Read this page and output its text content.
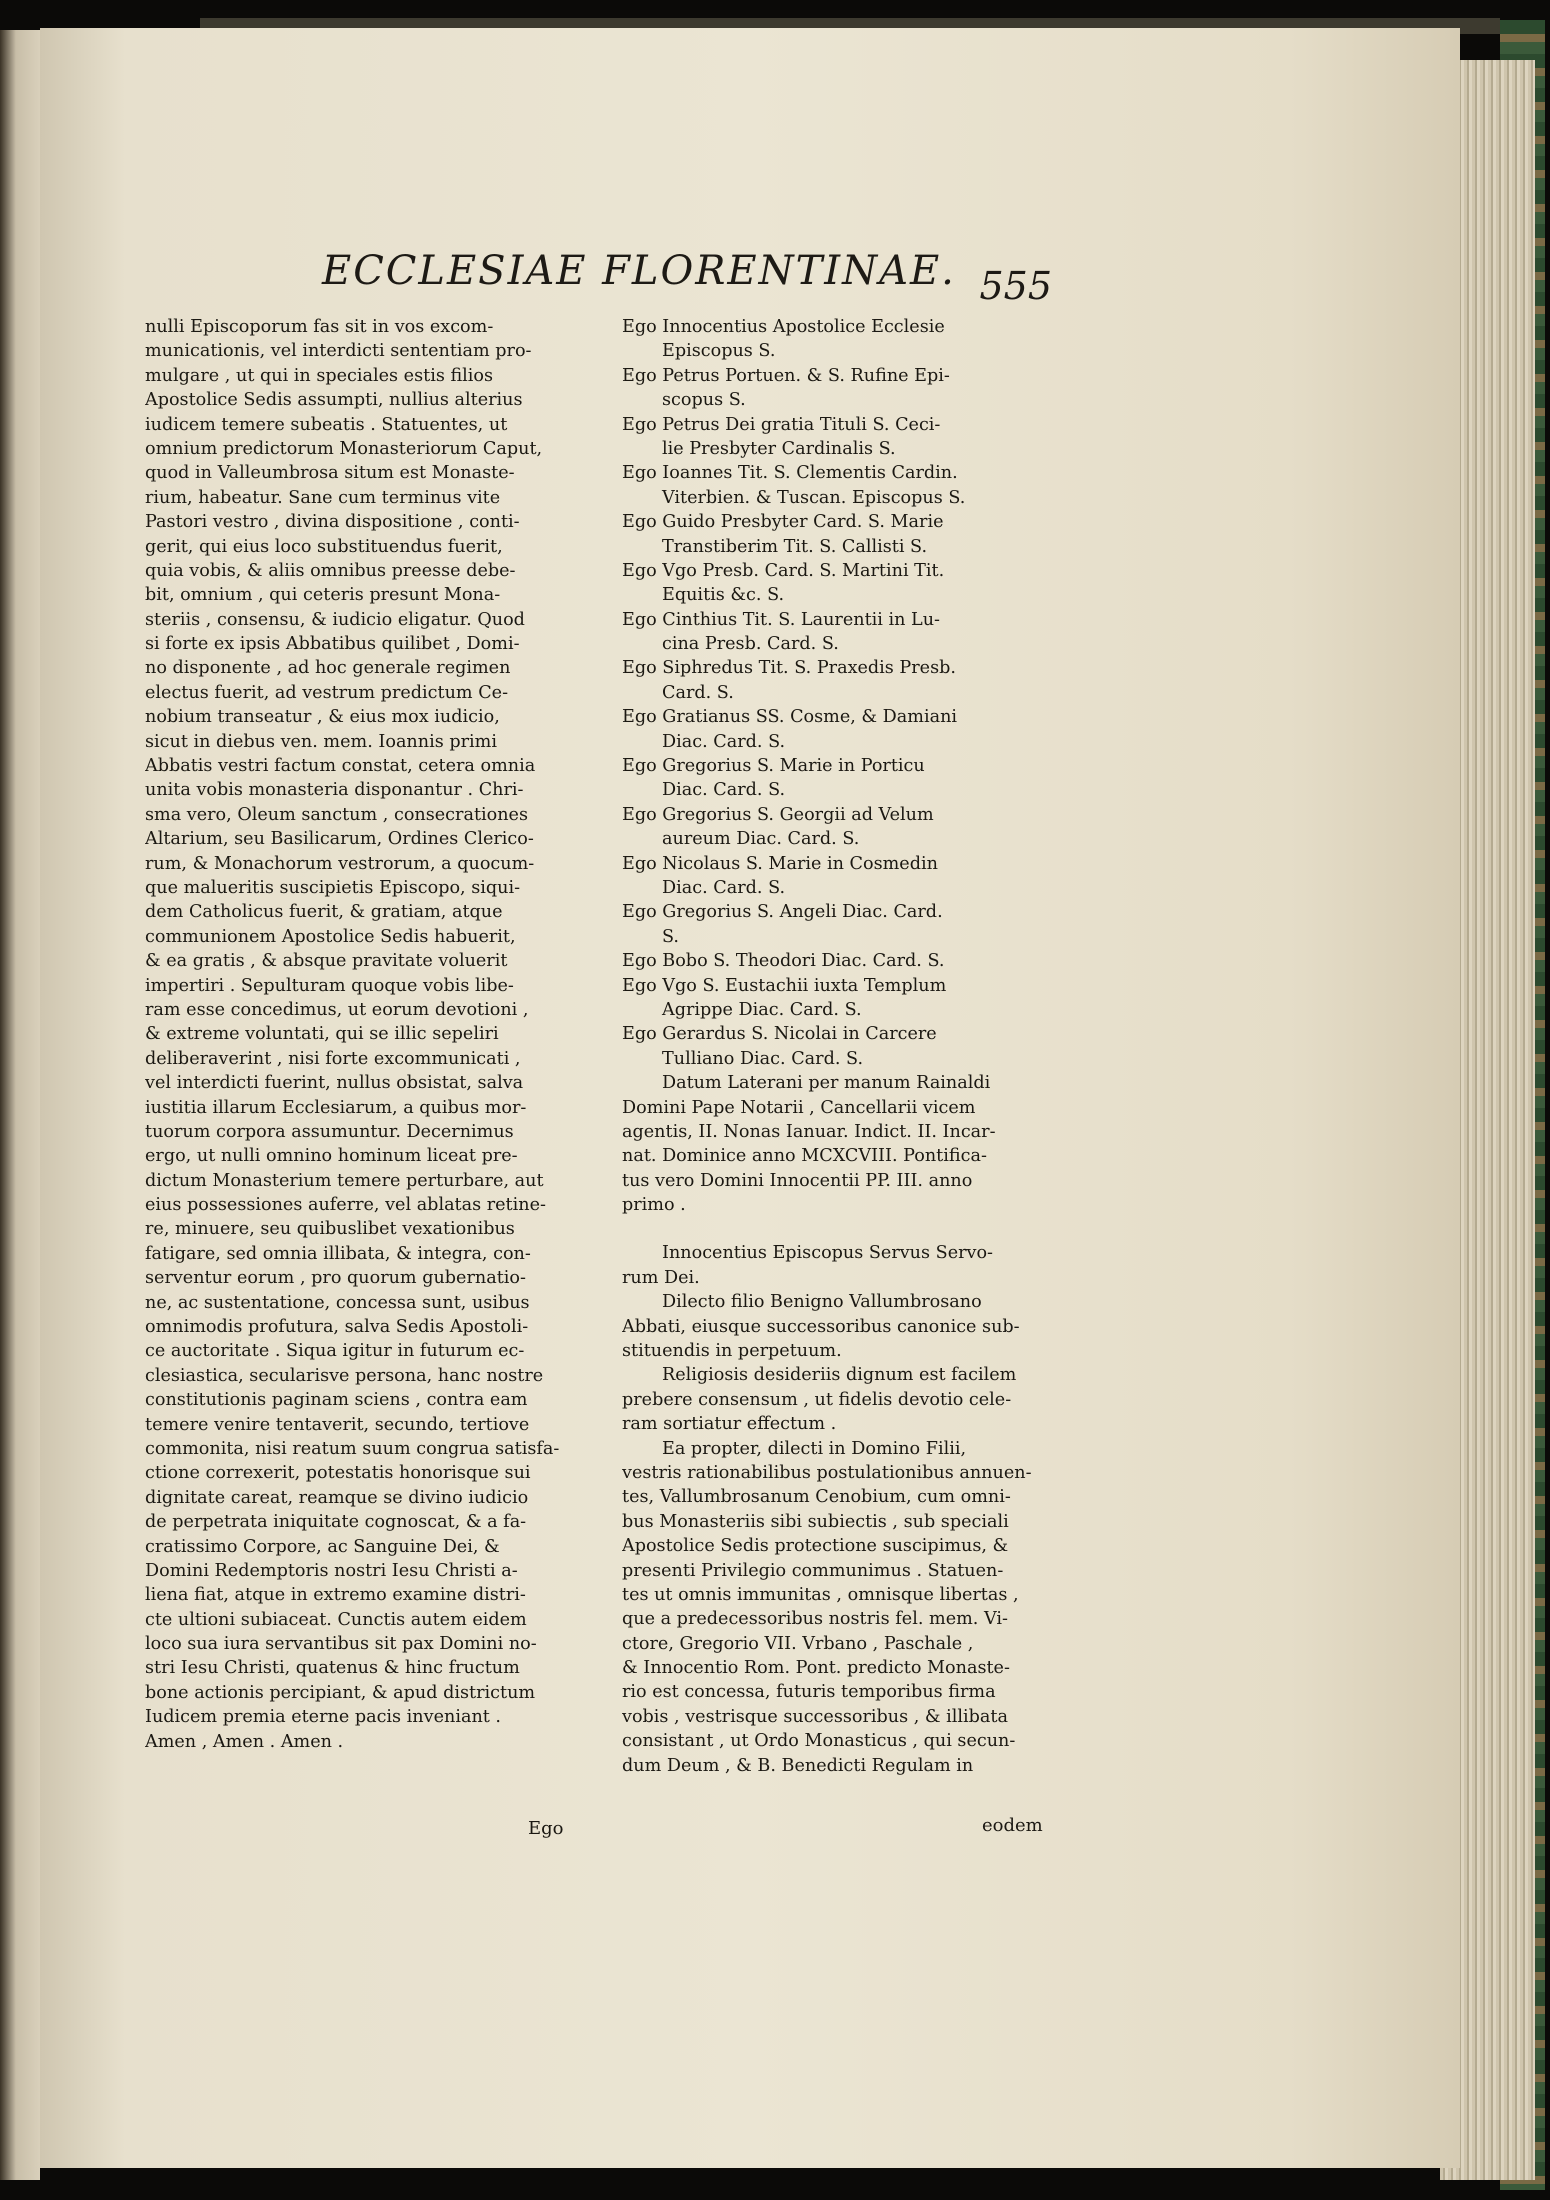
ECCLESIAE FLORENTINAE. 555
nulli Episcoporum fas sit in vos excom-
municationis, vel interdicti sententiam pro-
mulgare , ut qui in speciales estis filios
Apostolice Sedis assumpti, nullius alterius
iudicem temere subeatis . Statuentes, ut
omnium predictorum Monasteriorum Caput,
quod in Valleumbrosa situm est Monaste-
rium, habeatur. Sane cum terminus vite
Pastori vestro , divina dispositione , conti-
gerit, qui eius loco substituendus fuerit,
quia vobis, & aliis omnibus preesse debe-
bit, omnium , qui ceteris presunt Mona-
steriis , consensu, & iudicio eligatur. Quod
si forte ex ipsis Abbatibus quilibet , Domi-
no disponente , ad hoc generale regimen
electus fuerit, ad vestrum predictum Ce-
nobium transeatur , & eius mox iudicio,
sicut in diebus ven. mem. Ioannis primi
Abbatis vestri factum constat, cetera omnia
unita vobis monasteria disponantur . Chri-
sma vero, Oleum sanctum , consecrationes
Altarium, seu Basilicarum, Ordines Clerico-
rum, & Monachorum vestrorum, a quocum-
que malueritis suscipietis Episcopo, siqui-
dem Catholicus fuerit, & gratiam, atque
communionem Apostolice Sedis habuerit,
& ea gratis , & absque pravitate voluerit
impertiri . Sepulturam quoque vobis libe-
ram esse concedimus, ut eorum devotioni ,
& extreme voluntati, qui se illic sepeliri
deliberaverint , nisi forte excommunicati ,
vel interdicti fuerint, nullus obsistat, salva
iustitia illarum Ecclesiarum, a quibus mor-
tuorum corpora assumuntur. Decernimus
ergo, ut nulli omnino hominum liceat pre-
dictum Monasterium temere perturbare, aut
eius possessiones auferre, vel ablatas retine-
re, minuere, seu quibuslibet vexationibus
fatigare, sed omnia illibata, & integra, con-
serventur eorum , pro quorum gubernatio-
ne, ac sustentatione, concessa sunt, usibus
omnimodis profutura, salva Sedis Apostoli-
ce auctoritate . Siqua igitur in futurum ec-
clesiastica, secularisve persona, hanc nostre
constitutionis paginam sciens , contra eam
temere venire tentaverit, secundo, tertiove
commonita, nisi reatum suum congrua satisfa-
ctione correxerit, potestatis honorisque sui
dignitate careat, reamque se divino iudicio
de perpetrata iniquitate cognoscat, & a fa-
cratissimo Corpore, ac Sanguine Dei, &
Domini Redemptoris nostri Iesu Christi a-
liena fiat, atque in extremo examine distri-
cte ultioni subiaceat. Cunctis autem eidem
loco sua iura servantibus sit pax Domini no-
stri Iesu Christi, quatenus & hinc fructum
bone actionis percipiant, & apud districtum
Iudicem premia eterne pacis inveniant .
Amen , Amen . Amen .
Ego Innocentius Apostolice Ecclesie
Episcopus S.
Ego Petrus Portuen. & S. Rufine Epi-
scopus S.
Ego Petrus Dei gratia Tituli S. Ceci-
lie Presbyter Cardinalis S.
Ego Ioannes Tit. S. Clementis Cardin.
Viterbien. & Tuscan. Episcopus S.
Ego Guido Presbyter Card. S. Marie
Transtiberim Tit. S. Callisti S.
Ego Vgo Presb. Card. S. Martini Tit.
Equitis &c. S.
Ego Cinthius Tit. S. Laurentii in Lu-
cina Presb. Card. S.
Ego Siphredus Tit. S. Praxedis Presb.
Card. S.
Ego Gratianus SS. Cosme, & Damiani
Diac. Card. S.
Ego Gregorius S. Marie in Porticu
Diac. Card. S.
Ego Gregorius S. Georgii ad Velum
aureum Diac. Card. S.
Ego Nicolaus S. Marie in Cosmedin
Diac. Card. S.
Ego Gregorius S. Angeli Diac. Card.
S.
Ego Bobo S. Theodori Diac. Card. S.
Ego Vgo S. Eustachii iuxta Templum
Agrippe Diac. Card. S.
Ego Gerardus S. Nicolai in Carcere
Tulliano Diac. Card. S.
Datum Laterani per manum Rainaldi
Domini Pape Notarii , Cancellarii vicem
agentis, II. Nonas Ianuar. Indict. II. Incar-
nat. Dominice anno MCXCVIII. Pontifica-
tus vero Domini Innocentii PP. III. anno
primo .
Innocentius Episcopus Servus Servo-
rum Dei.
Dilecto filio Benigno Vallumbrosano
Abbati, eiusque successoribus canonice sub-
stituendis in perpetuum.
Religiosis desideriis dignum est facilem
prebere consensum , ut fidelis devotio cele-
ram sortiatur effectum .
Ea propter, dilecti in Domino Filii,
vestris rationabilibus postulationibus annuen-
tes, Vallumbrosanum Cenobium, cum omni-
bus Monasteriis sibi subiectis , sub speciali
Apostolice Sedis protectione suscipimus, &
presenti Privilegio communimus . Statuen-
tes ut omnis immunitas , omnisque libertas ,
que a predecessoribus nostris fel. mem. Vi-
ctore, Gregorio VII. Vrbano , Paschale ,
& Innocentio Rom. Pont. predicto Monaste-
rio est concessa, futuris temporibus firma
vobis , vestrisque successoribus , & illibata
consistant , ut Ordo Monasticus , qui secun-
dum Deum , & B. Benedicti Regulam in
Ego	eodem
